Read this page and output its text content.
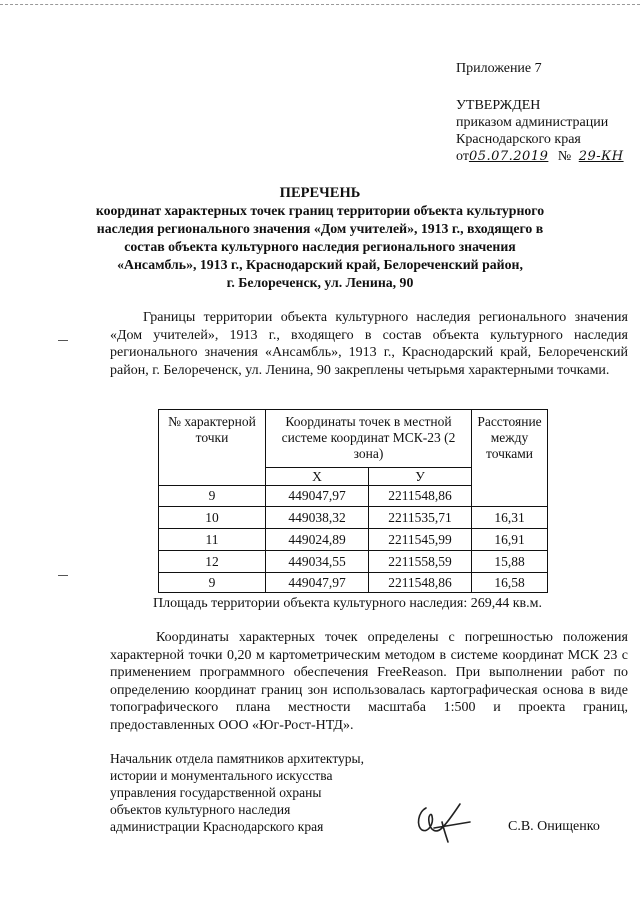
Приложение 7
УТВЕРЖДЕН
приказом администрации
Краснодарского края
от05.07.2019 № 29-КН
ПЕРЕЧЕНЬ
координат характерных точек границ территории объекта культурного
наследия регионального значения «Дом учителей», 1913 г., входящего в
состав объекта культурного наследия регионального значения
«Ансамбль», 1913 г., Краснодарский край, Белореченский район,
г. Белореченск, ул. Ленина, 90
Границы территории объекта культурного наследия регионального значения «Дом учителей», 1913 г., входящего в состав объекта культурного наследия регионального значения «Ансамбль», 1913 г., Краснодарский край, Белореченский район, г. Белореченск, ул. Ленина, 90 закреплены четырьмя характерными точками.
№ характерной точки	Координаты точек в местной системе координат МСК-23 (2 зона)		Расстояние между точками
	Х	У	
9	449047,97	2211548,86	
10	449038,32	2211535,71	16,31
11	449024,89	2211545,99	16,91
12	449034,55	2211558,59	15,88
9	449047,97	2211548,86	16,58
Площадь территории объекта культурного наследия: 269,44 кв.м.
Координаты характерных точек определены с погрешностью положения характерной точки 0,20 м картометрическим методом в системе координат МСК 23 с применением программного обеспечения FreeReason. При выполнении работ по определению координат границ зон использовалась картографическая основа в виде топографического плана местности масштаба 1:500 и проекта границ, предоставленных ООО «Юг-Рост-НТД».
Начальник отдела памятников архитектуры,
истории и монументального искусства
управления государственной охраны
объектов культурного наследия
администрации Краснодарского края	С.В. Онищенко
